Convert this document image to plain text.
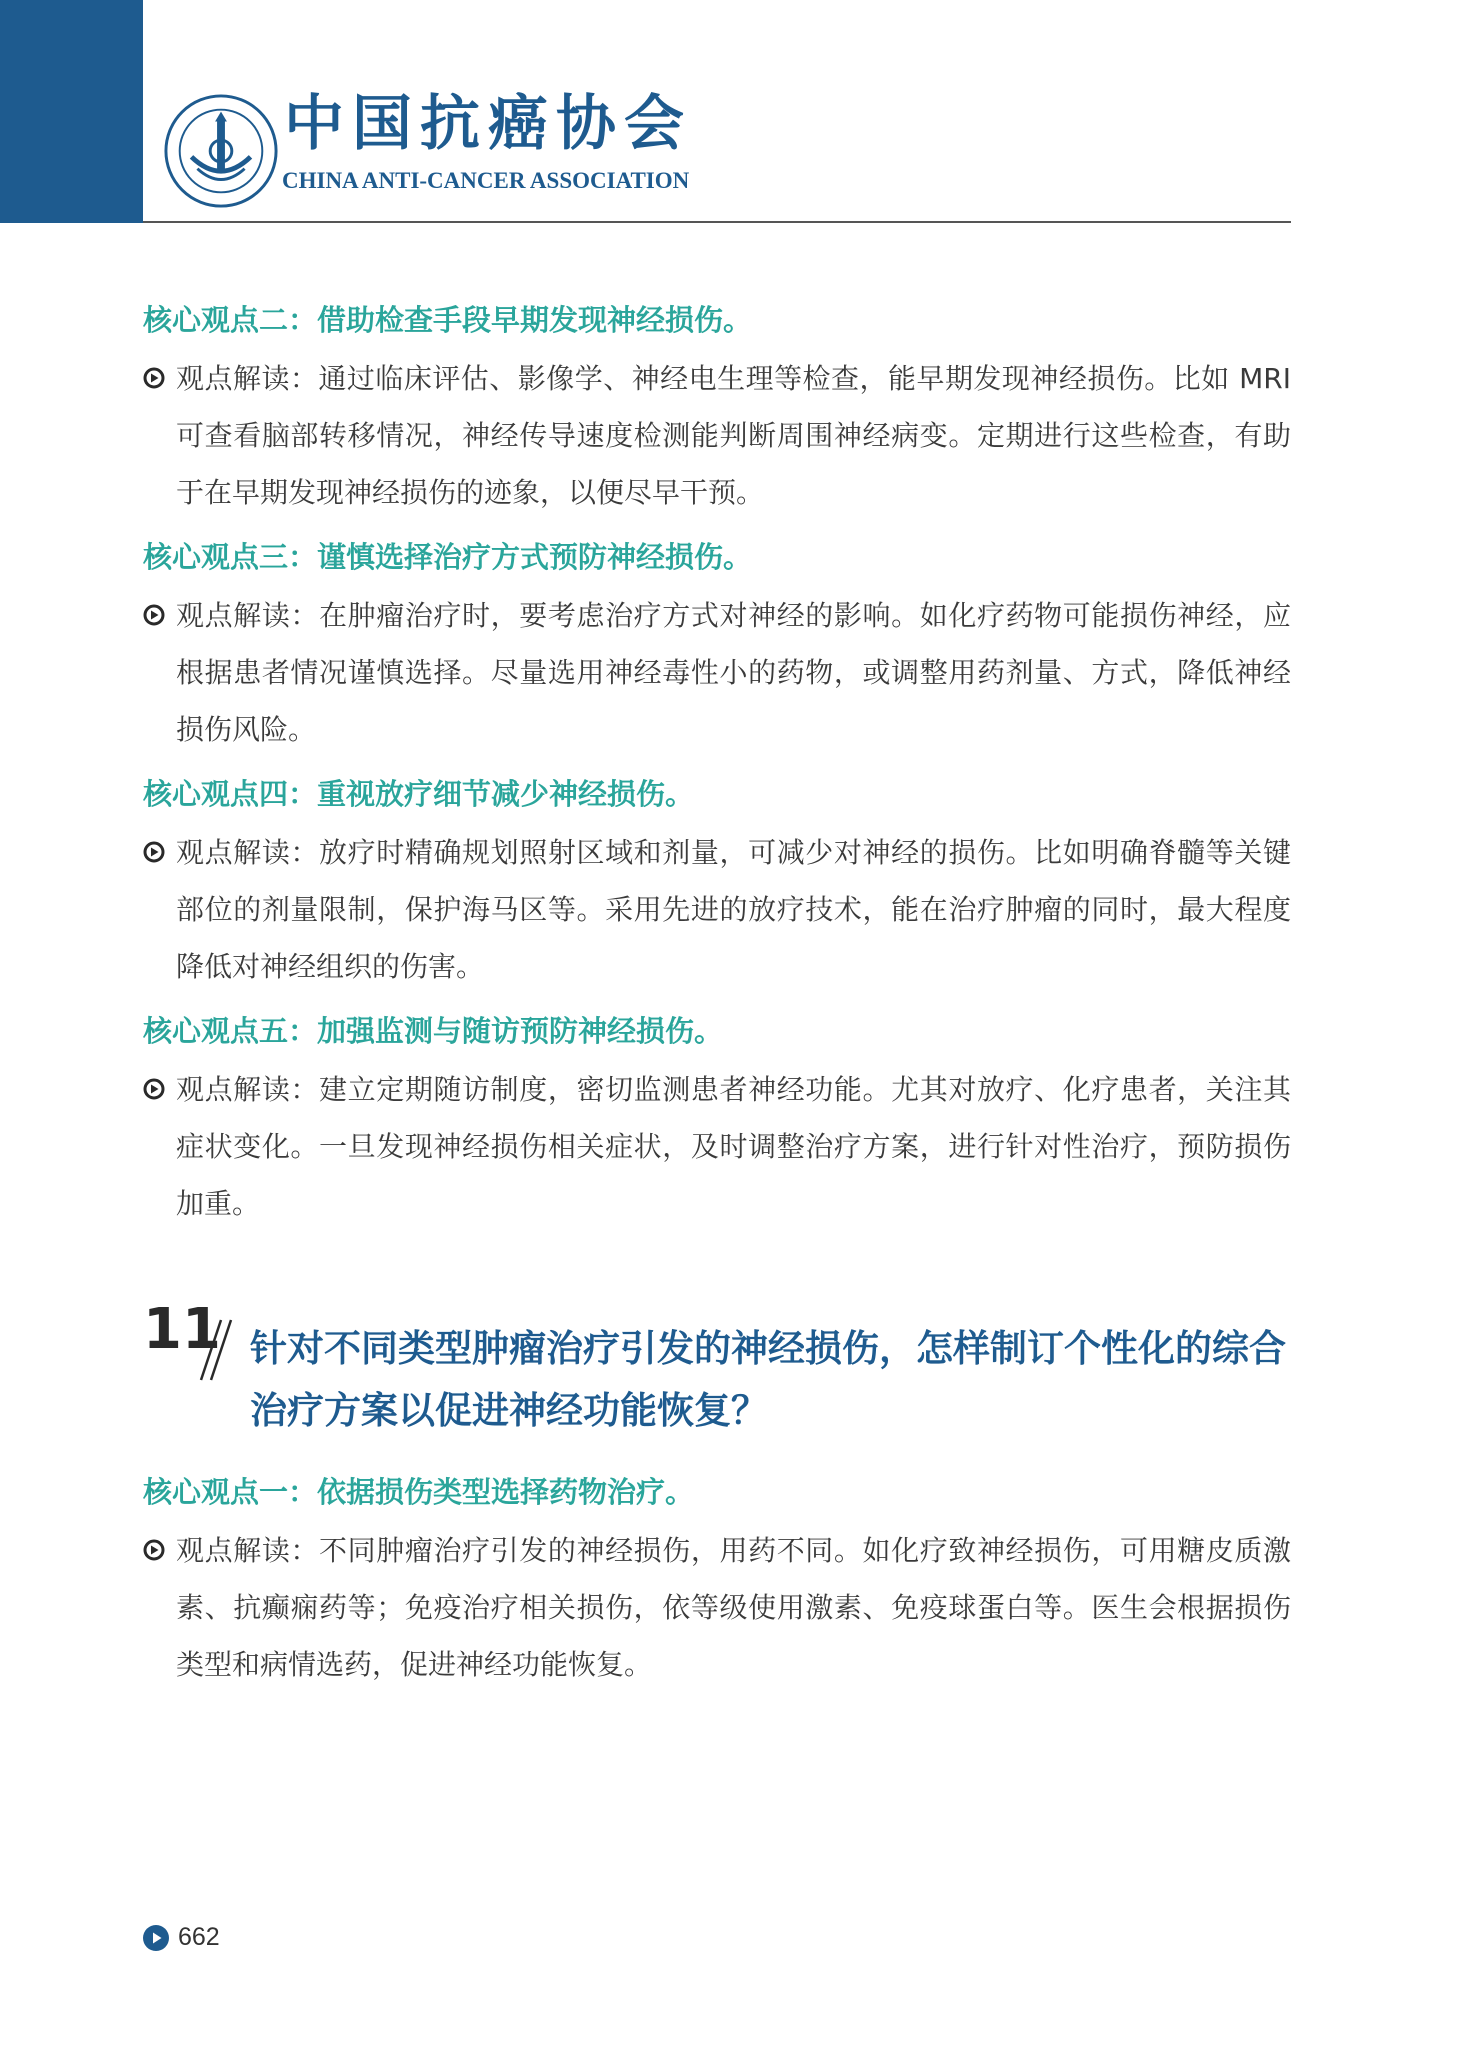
中国抗癌协会
CHINA ANTI-CANCER ASSOCIATION
核心观点二：借助检查手段早期发现神经损伤。
观点解读：通过临床评估、影像学、神经电生理等检查，能早期发现神经损伤。比如 MRI 可查看脑部转移情况，神经传导速度检测能判断周围神经病变。定期进行这些检查，有助于在早期发现神经损伤的迹象，以便尽早干预。
核心观点三：谨慎选择治疗方式预防神经损伤。
观点解读：在肿瘤治疗时，要考虑治疗方式对神经的影响。如化疗药物可能损伤神经，应根据患者情况谨慎选择。尽量选用神经毒性小的药物，或调整用药剂量、方式，降低神经损伤风险。
核心观点四：重视放疗细节减少神经损伤。
观点解读：放疗时精确规划照射区域和剂量，可减少对神经的损伤。比如明确脊髓等关键部位的剂量限制，保护海马区等。采用先进的放疗技术，能在治疗肿瘤的同时，最大程度降低对神经组织的伤害。
核心观点五：加强监测与随访预防神经损伤。
观点解读：建立定期随访制度，密切监测患者神经功能。尤其对放疗、化疗患者，关注其症状变化。一旦发现神经损伤相关症状，及时调整治疗方案，进行针对性治疗，预防损伤加重。
11 针对不同类型肿瘤治疗引发的神经损伤，怎样制订个性化的综合治疗方案以促进神经功能恢复？
核心观点一：依据损伤类型选择药物治疗。
观点解读：不同肿瘤治疗引发的神经损伤，用药不同。如化疗致神经损伤，可用糖皮质激素、抗癫痫药等；免疫治疗相关损伤，依等级使用激素、免疫球蛋白等。医生会根据损伤类型和病情选药，促进神经功能恢复。
662
